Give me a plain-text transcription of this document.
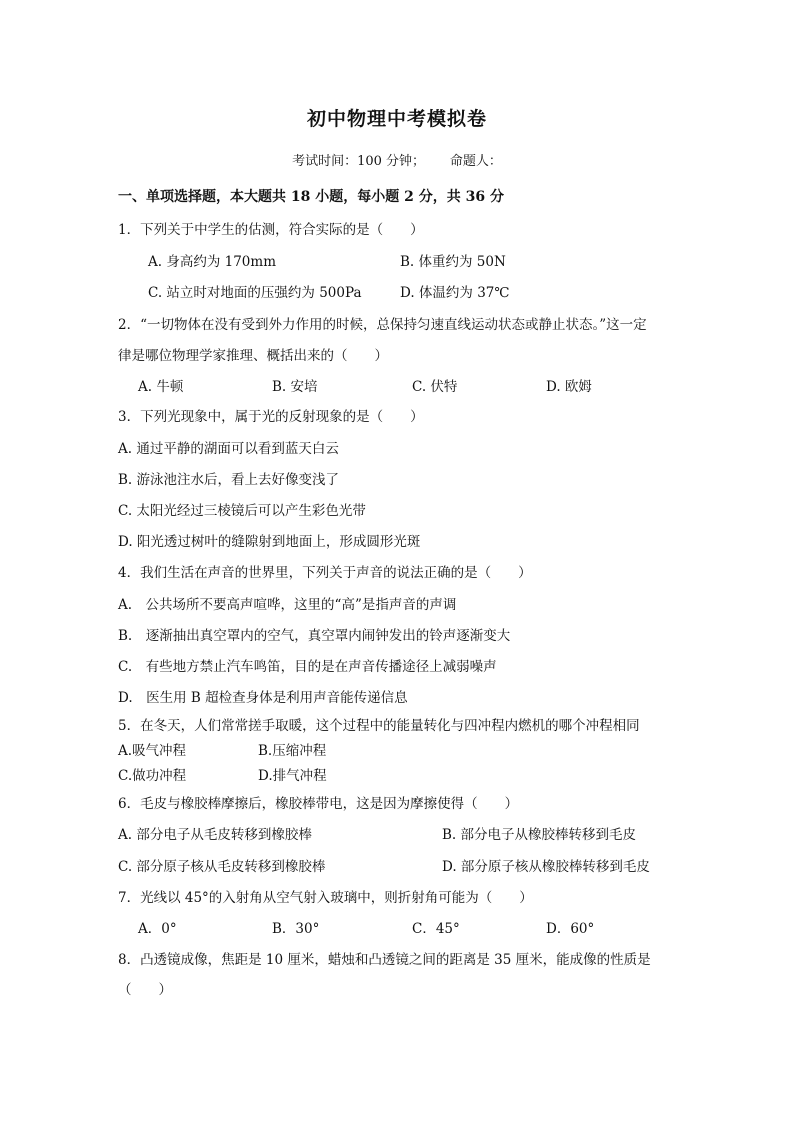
初中物理中考模拟卷
考试时间：100 分钟； 命题人：
一、单项选择题，本大题共 18 小题，每小题 2 分，共 36 分
1．下列关于中学生的估测，符合实际的是（　　）
A. 身高约为 170mm	B. 体重约为 50N
C. 站立时对地面的压强约为 500Pa	D. 体温约为 37℃
2．“一切物体在没有受到外力作用的时候，总保持匀速直线运动状态或静止状态。”这一定
律是哪位物理学家推理、概括出来的（　　）
A. 牛顿	B. 安培	C. 伏特	D. 欧姆
3．下列光现象中，属于光的反射现象的是（　　）
A. 通过平静的湖面可以看到蓝天白云
B. 游泳池注水后，看上去好像变浅了
C. 太阳光经过三棱镜后可以产生彩色光带
D. 阳光透过树叶的缝隙射到地面上，形成圆形光斑
4．我们生活在声音的世界里，下列关于声音的说法正确的是（　　）
A.　公共场所不要高声喧哗，这里的“高”是指声音的声调
B.　逐渐抽出真空罩内的空气，真空罩内闹钟发出的铃声逐渐变大
C.　有些地方禁止汽车鸣笛，目的是在声音传播途径上减弱噪声
D.　医生用 B 超检查身体是利用声音能传递信息
5．在冬天，人们常常搓手取暖，这个过程中的能量转化与四冲程内燃机的哪个冲程相同
A.吸气冲程	B.压缩冲程
C.做功冲程	D.排气冲程
6．毛皮与橡胶棒摩擦后，橡胶棒带电，这是因为摩擦使得（　　）
A. 部分电子从毛皮转移到橡胶棒	B. 部分电子从橡胶棒转移到毛皮
C. 部分原子核从毛皮转移到橡胶棒	D. 部分原子核从橡胶棒转移到毛皮
7．光线以 45°的入射角从空气射入玻璃中，则折射角可能为（　　）
A．0°	B．30°	C．45°	D．60°
8．凸透镜成像，焦距是 10 厘米，蜡烛和凸透镜之间的距离是 35 厘米，能成像的性质是
（　　）
